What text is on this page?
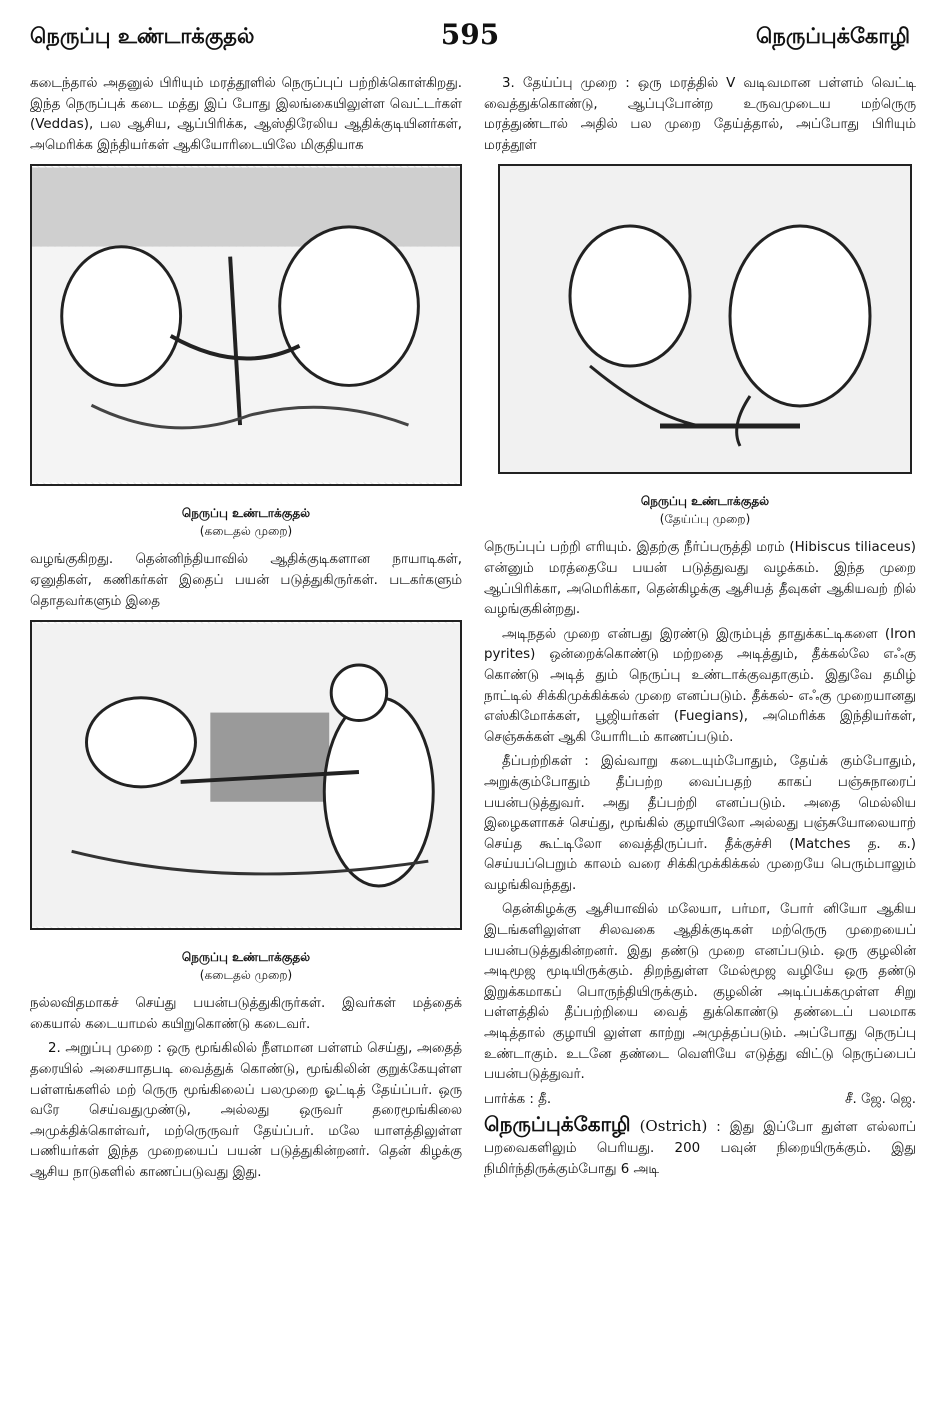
நெருப்பு உண்டாக்குதல்	595	நெருப்புக்கோழி

கடைந்தால் அதனுல் பிரியும் மரத்தூளில் நெருப்புப் பற்றிக்கொள்கிறது. இந்த நெருப்புக் கடை மத்து இப் போது இலங்கையிலுள்ள வெட்டர்கள் (Veddas), பல ஆசிய, ஆப்பிரிக்க, ஆஸ்திரேலிய ஆதிக்குடியினர்கள், அமெரிக்க இந்தியர்கள் ஆகியோரிடையிலே மிகுதியாக

நெருப்பு உண்டாக்குதல்
(கடைதல் முறை)

வழங்குகிறது. தென்னிந்தியாவில் ஆதிக்குடிகளான நாயாடிகள், ஏனுதிகள், கணிகர்கள் இதைப் பயன் படுத்துகிருர்கள். படகர்களும் தொதவர்களும் இதை

நெருப்பு உண்டாக்குதல்
(கடைதல் முறை)

நல்லவிதமாகச் செய்து பயன்படுத்துகிருர்கள். இவர்கள் மத்தைக் கையால் கடையாமல் கயிறுகொண்டு கடைவர்.

2. அறுப்பு முறை : ஒரு மூங்கிலில் நீளமான பள்ளம் செய்து, அதைத் தரையில் அசையாதபடி வைத்துக் கொண்டு, மூங்கிலின் குறுக்கேயுள்ள பள்ளங்களில் மற் ருெரு மூங்கிலைப் பலமுறை ஓட்டித் தேய்ப்பர். ஒரு வரே செய்வதுமுண்டு, அல்லது ஒருவர் தரைமூங்கிலை அமுக்திக்கொள்வர், மற்ருெருவர் தேய்ப்பர். மலே யாளத்திலுள்ள பணியர்கள் இந்த முறையைப் பயன் படுத்துகின்றனர். தென் கிழக்கு ஆசிய நாடுகளில் காணப்படுவது இது.

3. தேய்ப்பு முறை : ஒரு மரத்தில் V வடிவமான பள்ளம் வெட்டி வைத்துக்கொண்டு, ஆப்புபோன்ற உருவமுடைய மற்ருெரு மரத்துண்டால் அதில் பல முறை தேய்த்தால், அப்போது பிரியும் மரத்தூள்

நெருப்பு உண்டாக்குதல்
(தேய்ப்பு முறை)

நெருப்புப் பற்றி எரியும். இதற்கு நீர்ப்பருத்தி மரம் (Hibiscus tiliaceus) என்னும் மரத்தையே பயன் படுத்துவது வழக்கம். இந்த முறை ஆப்பிரிக்கா, அமெரிக்கா, தென்கிழக்கு ஆசியத் தீவுகள் ஆகியவற் றில் வழங்குகின்றது.

அடிநதல் முறை என்பது இரண்டு இரும்புத் தாதுக்கட்டிகளை (Iron pyrites) ஒன்றைக்கொண்டு மற்றதை அடித்தும், தீக்கல்லே எஃகு கொண்டு அடித் தும் நெருப்பு உண்டாக்குவதாகும். இதுவே தமிழ் நாட்டில் சிக்கிமுக்கிக்கல் முறை எனப்படும். தீக்கல்- எஃகு முறையானது எஸ்கிமோக்கள், பூஜியர்கள் (Fuegians), அமெரிக்க இந்தியர்கள், செஞ்சுக்கள் ஆகி யோரிடம் காணப்படும்.

தீப்பற்றிகள் : இவ்வாறு கடையும்போதும், தேய்க் கும்போதும், அறுக்கும்போதும் தீப்பற்ற வைப்பதற் காகப் பஞ்சுநாரைப் பயன்படுத்துவர். அது தீப்பற்றி எனப்படும். அதை மெல்லிய இழைகளாகச் செய்து, மூங்கில் குழாயிலோ அல்லது பஞ்சுயோலையாற் செய்த கூட்டிலோ வைத்திருப்பர். தீக்குச்சி (Matches த. க.) செய்யப்பெறும் காலம் வரை சிக்கிமுக்கிக்கல் முறையே பெரும்பாலும் வழங்கிவந்தது.

தென்கிழக்கு ஆசியாவில் மலேயா, பர்மா, போர் னியோ ஆகிய இடங்களிலுள்ள சிலவகை ஆதிக்குடிகள் மற்ருெரு முறையைப் பயன்படுத்துகின்றனர். இது தண்டு முறை எனப்படும். ஒரு குழலின் அடிமூஜ மூடியிருக்கும். திறந்துள்ள மேல்மூஜ வழியே ஒரு தண்டு இறுக்கமாகப் பொருந்தியிருக்கும். குழலின் அடிப்பக்கமுள்ள சிறு பள்ளத்தில் தீப்பற்றியை வைத் துக்கொண்டு தண்டைப் பலமாக அடித்தால் குழாயி லுள்ள காற்று அமுத்தப்படும். அப்போது நெருப்பு உண்டாகும். உடனே தண்டை வெளியே எடுத்து விட்டு நெருப்பைப் பயன்படுத்துவர்.

பார்க்க : தீ.	சீ. ஜே. ஜெ.

நெருப்புக்கோழி (Ostrich) : இது இப்போ துள்ள எல்லாப் பறவைகளிலும் பெரியது. 200 பவுன் நிறையிருக்கும். இது நிமிர்ந்திருக்கும்போது 6 அடி
